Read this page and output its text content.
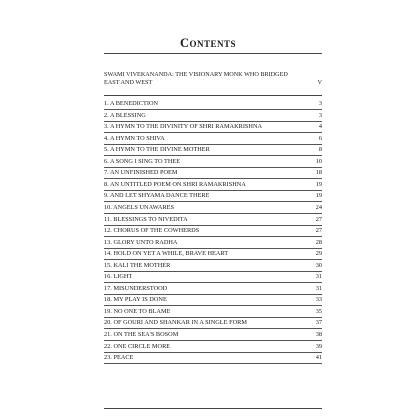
Contents
SWAMI VIVEKANANDA: THE VISIONARY MONK WHO BRIDGED
EAST AND WEST	V
1. A BENEDICTION	3
2. A BLESSING	3
3. A HYMN TO THE DIVINITY OF SHRI RAMAKRISHNA	4
4. A HYMN TO SHIVA	6
5. A HYMN TO THE DIVINE MOTHER	8
6. A SONG I SING TO THEE	10
7. AN UNFINISHED POEM	18
8. AN UNTITLED POEM ON SHRI RAMAKRISHNA	19
9. AND LET SHYAMA DANCE THERE	19
10. ANGELS UNAWARES	24
11. BLESSINGS TO NIVEDITA	27
12. CHORUS OF THE COWHERDS	27
13. GLORY UNTO RADHA	28
14. HOLD ON YET A WHILE, BRAVE HEART	29
15. KALI THE MOTHER	30
16. LIGHT	31
17. MISUNDERSTOOD	31
18. MY PLAY IS DONE	33
19. NO ONE TO BLAME	35
20. OF GOURI AND SHANKAR IN A SINGLE FORM	37
21. ON THE SEA'S BOSOM	38
22. ONE CIRCLE MORE	39
23. PEACE	41
